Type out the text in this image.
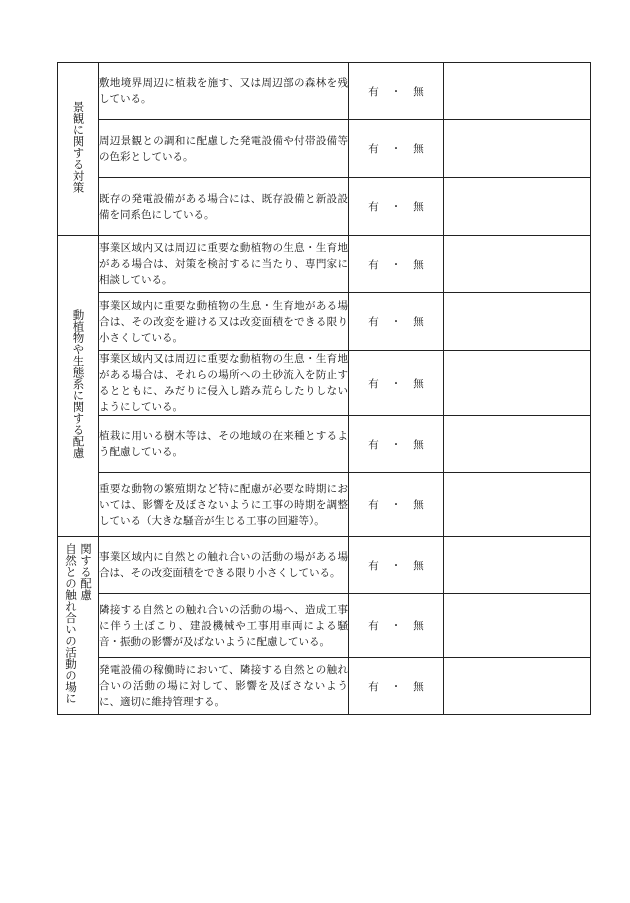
景観に関する対策	敷地境界周辺に植栽を施す、又は周辺部の森林を残している。	有 ・ 無	
	周辺景観との調和に配慮した発電設備や付帯設備等の色彩としている。	有 ・ 無	
	既存の発電設備がある場合には、既存設備と新設設備を同系色にしている。	有 ・ 無	
動植物や生態系に関する配慮	事業区域内又は周辺に重要な動植物の生息・生育地がある場合は、対策を検討するに当たり、専門家に相談している。	有 ・ 無	
	事業区域内に重要な動植物の生息・生育地がある場合は、その改変を避ける又は改変面積をできる限り小さくしている。	有 ・ 無	
	事業区域内又は周辺に重要な動植物の生息・生育地がある場合は、それらの場所への土砂流入を防止するとともに、みだりに侵入し踏み荒らしたりしないようにしている。	有 ・ 無	
	植栽に用いる樹木等は、その地域の在来種とするよう配慮している。	有 ・ 無	
	重要な動物の繁殖期など特に配慮が必要な時期においては、影響を及ぼさないように工事の時期を調整している（大きな騒音が生じる工事の回避等）。	有 ・ 無	
自然との触れ合いの活動の場に関する配慮	事業区域内に自然との触れ合いの活動の場がある場合は、その改変面積をできる限り小さくしている。	有 ・ 無	
	隣接する自然との触れ合いの活動の場へ、造成工事に伴う土ぼこり、建設機械や工事用車両による騒音・振動の影響が及ばないように配慮している。	有 ・ 無	
	発電設備の稼働時において、隣接する自然との触れ合いの活動の場に対して、影響を及ぼさないように、適切に維持管理する。	有 ・ 無	
